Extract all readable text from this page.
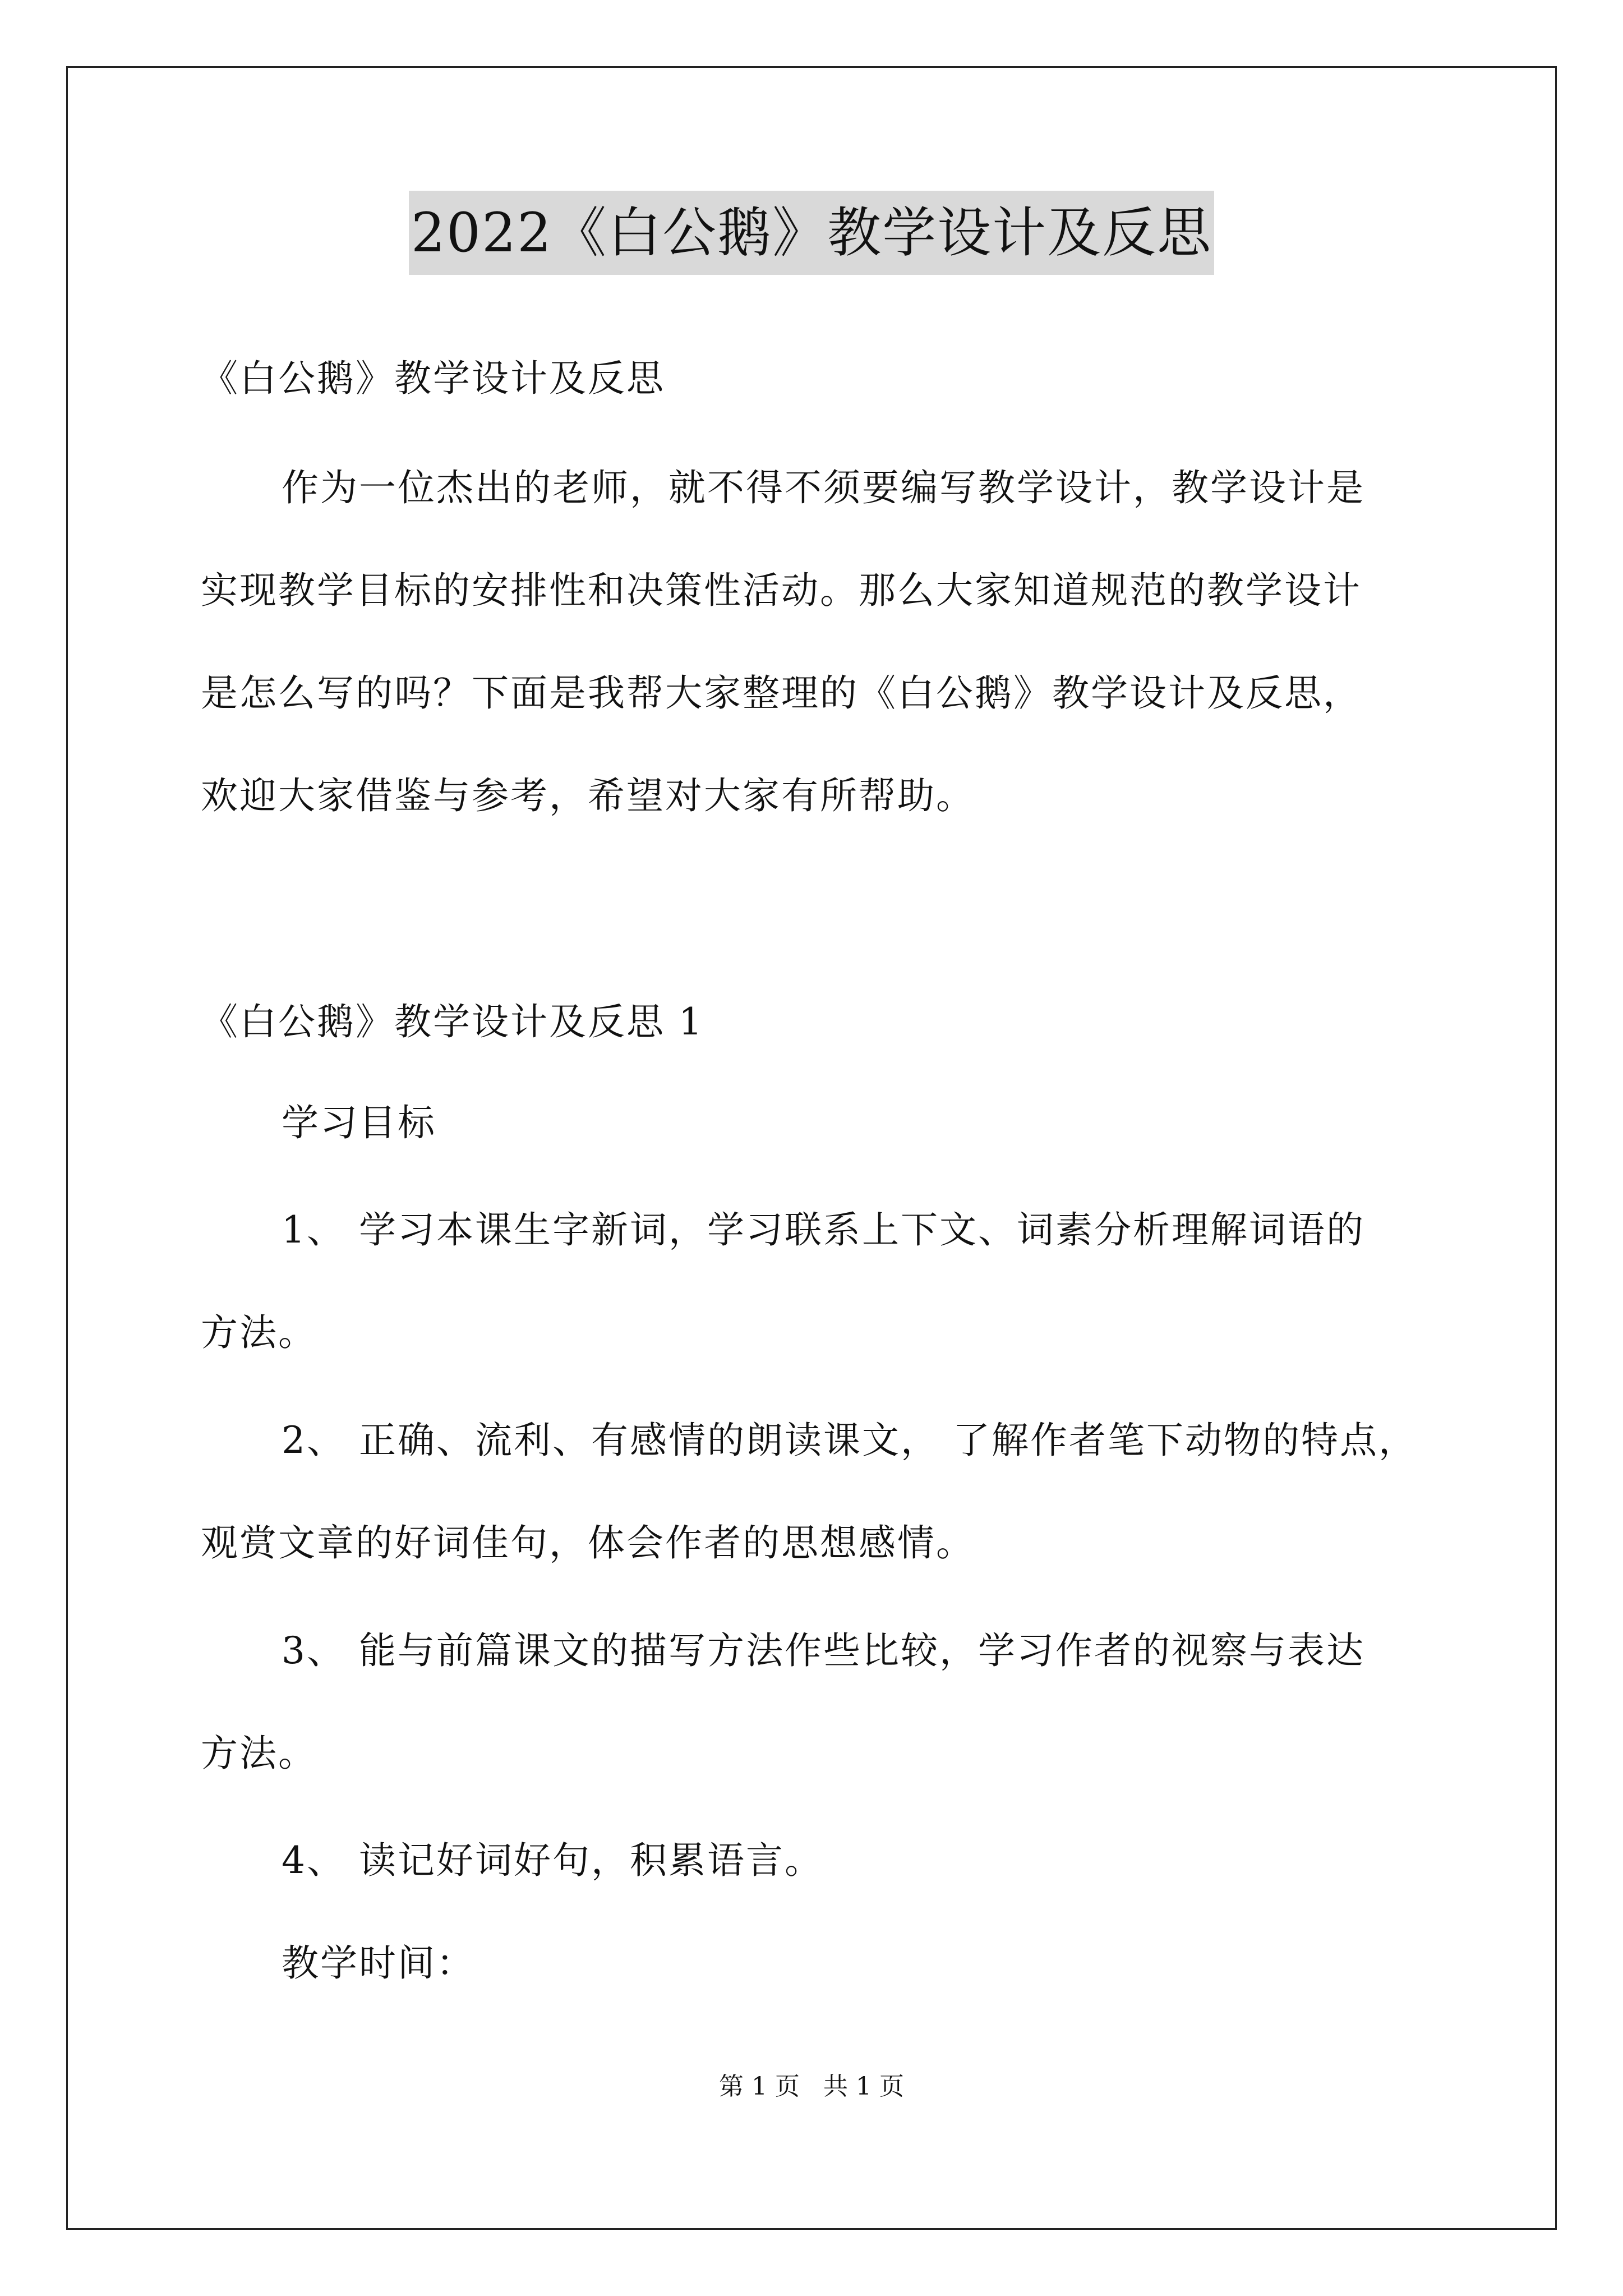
2022《白公鹅》教学设计及反思
《白公鹅》教学设计及反思
作为一位杰出的老师，就不得不须要编写教学设计，教学设计是
实现教学目标的安排性和决策性活动。那么大家知道规范的教学设计
是怎么写的吗？下面是我帮大家整理的《白公鹅》教学设计及反思，
欢迎大家借鉴与参考，希望对大家有所帮助。
《白公鹅》教学设计及反思 1
学习目标
1、 学习本课生字新词，学习联系上下文、词素分析理解词语的
方法。
2、 正确、流利、有感情的朗读课文， 了解作者笔下动物的特点，
观赏文章的好词佳句，体会作者的思想感情。
3、 能与前篇课文的描写方法作些比较，学习作者的视察与表达
方法。
4、 读记好词好句，积累语言。
教学时间：
第 1 页 共 1 页
